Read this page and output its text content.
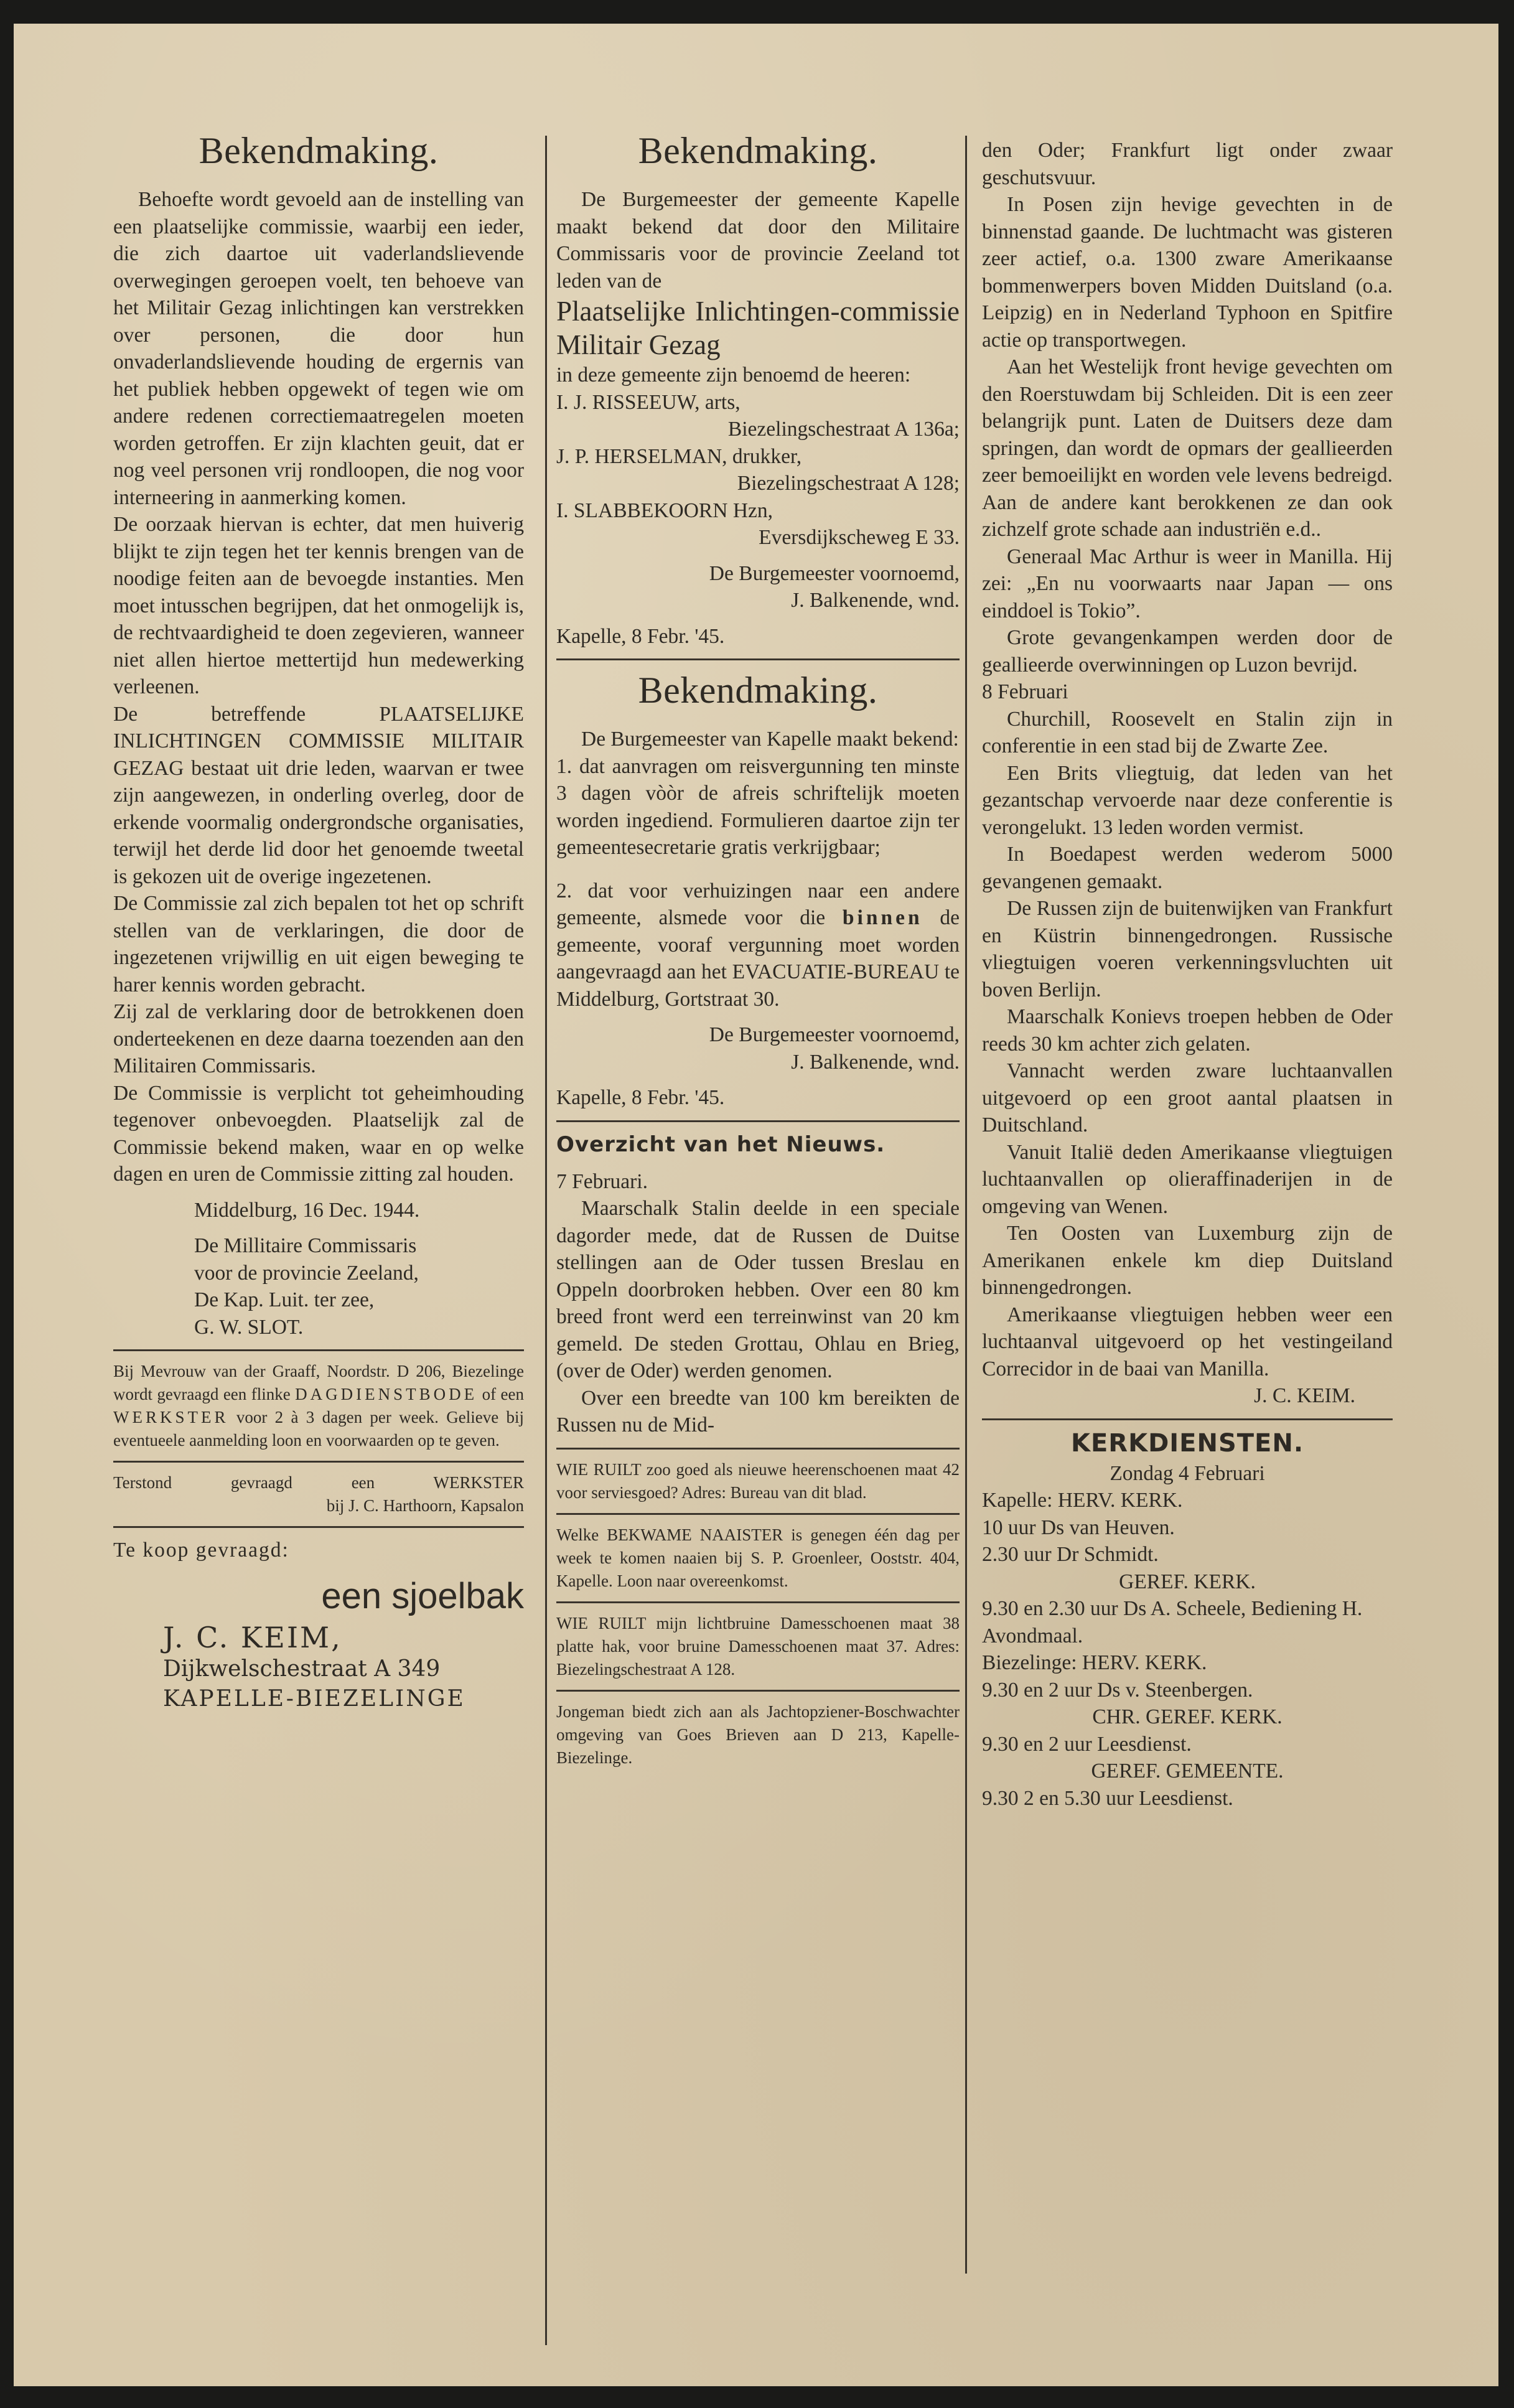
Bekendmaking.

Behoefte wordt gevoeld aan de instelling van een plaatselijke commissie, waarbij een ieder, die zich daartoe uit vaderlandslievende overwegingen geroepen voelt, ten behoeve van het Militair Gezag inlichtingen kan verstrekken over personen, die door hun onvaderlandslievende houding de ergernis van het publiek hebben opgewekt of tegen wie om andere redenen correctiemaatregelen moeten worden getroffen. Er zijn klachten geuit, dat er nog veel personen vrij rondloopen, die nog voor interneering in aanmerking komen.

De oorzaak hiervan is echter, dat men huiverig blijkt te zijn tegen het ter kennis brengen van de noodige feiten aan de bevoegde instanties. Men moet intusschen begrijpen, dat het onmogelijk is, de rechtvaardigheid te doen zegevieren, wanneer niet allen hiertoe mettertijd hun medewerking verleenen.

De betreffende PLAATSELIJKE INLICHTINGEN COMMISSIE MILITAIR GEZAG bestaat uit drie leden, waarvan er twee zijn aangewezen, in onderling overleg, door de erkende voormalig ondergrondsche organisaties, terwijl het derde lid door het genoemde tweetal is gekozen uit de overige ingezetenen.

De Commissie zal zich bepalen tot het op schrift stellen van de verklaringen, die door de ingezetenen vrijwillig en uit eigen beweging te harer kennis worden gebracht.

Zij zal de verklaring door de betrokkenen doen onderteekenen en deze daarna toezenden aan den Militairen Commissaris.

De Commissie is verplicht tot geheimhouding tegenover onbevoegden. Plaatselijk zal de Commissie bekend maken, waar en op welke dagen en uren de Commissie zitting zal houden.

Middelburg, 16 Dec. 1944.

De Millitaire Commissaris

voor de provincie Zeeland,

De Kap. Luit. ter zee,

G. W. SLOT.

Bij Mevrouw van der Graaff, Noordstr. D 206, Biezelinge wordt gevraagd een flinke DAGDIENSTBODE of een WERKSTER voor 2 à 3 dagen per week. Gelieve bij eventueele aanmelding loon en voorwaarden op te geven.

Terstond gevraagd een WERKSTER

bij J. C. Harthoorn, Kapsalon

Te koop gevraagd:

een sjoelbak
J. C. KEIM,
Dijkwelschestraat A 349
KAPELLE-BIEZELINGE
Bekendmaking.

De Burgemeester der gemeente Kapelle maakt bekend dat door den Militaire Commissaris voor de provincie Zeeland tot leden van de

Plaatselijke Inlichtingen-commissie Militair Gezag

in deze gemeente zijn benoemd de heeren:

I. J. RISSEEUW, arts,

Biezelingschestraat A 136a;

J. P. HERSELMAN, drukker,

Biezelingschestraat A 128;

I. SLABBEKOORN Hzn,

Eversdijkscheweg E 33.

De Burgemeester voornoemd,

J. Balkenende, wnd.

Kapelle, 8 Febr. '45.

Bekendmaking.

De Burgemeester van Kapelle maakt bekend:

1. dat aanvragen om reisvergunning ten minste 3 dagen vòòr de afreis schriftelijk moeten worden ingediend. Formulieren daartoe zijn ter gemeentesecretarie gratis verkrijgbaar;

2. dat voor verhuizingen naar een andere gemeente, alsmede voor die binnen de gemeente, vooraf vergunning moet worden aangevraagd aan het EVACUATIE-BUREAU te Middelburg, Gortstraat 30.

De Burgemeester voornoemd,

J. Balkenende, wnd.

Kapelle, 8 Febr. '45.

Overzicht van het Nieuws.

7 Februari.

Maarschalk Stalin deelde in een speciale dagorder mede, dat de Russen de Duitse stellingen aan de Oder tussen Breslau en Oppeln doorbroken hebben. Over een 80 km breed front werd een terreinwinst van 20 km gemeld. De steden Grottau, Ohlau en Brieg, (over de Oder) werden genomen.

Over een breedte van 100 km bereikten de Russen nu de Mid-

WIE RUILT zoo goed als nieuwe heerenschoenen maat 42 voor serviesgoed? Adres: Bureau van dit blad.

Welke BEKWAME NAAISTER is genegen één dag per week te komen naaien bij S. P. Groenleer, Ooststr. 404, Kapelle. Loon naar overeenkomst.

WIE RUILT mijn lichtbruine Damesschoenen maat 38 platte hak, voor bruine Damesschoenen maat 37. Adres: Biezelingschestraat A 128.

Jongeman biedt zich aan als Jachtopziener-Boschwachter omgeving van Goes Brieven aan D 213, Kapelle-Biezelinge.

den Oder; Frankfurt ligt onder zwaar geschutsvuur.

In Posen zijn hevige gevechten in de binnenstad gaande. De luchtmacht was gisteren zeer actief, o.a. 1300 zware Amerikaanse bommenwerpers boven Midden Duitsland (o.a. Leipzig) en in Nederland Typhoon en Spitfire actie op transportwegen.

Aan het Westelijk front hevige gevechten om den Roerstuwdam bij Schleiden. Dit is een zeer belangrijk punt. Laten de Duitsers deze dam springen, dan wordt de opmars der geallieerden zeer bemoeilijkt en worden vele levens bedreigd. Aan de andere kant berokkenen ze dan ook zichzelf grote schade aan industriën e.d..

Generaal Mac Arthur is weer in Manilla. Hij zei: „En nu voorwaarts naar Japan — ons einddoel is Tokio”.

Grote gevangenkampen werden door de geallieerde overwinningen op Luzon bevrijd.

8 Februari

Churchill, Roosevelt en Stalin zijn in conferentie in een stad bij de Zwarte Zee.

Een Brits vliegtuig, dat leden van het gezantschap vervoerde naar deze conferentie is verongelukt. 13 leden worden vermist.

In Boedapest werden wederom 5000 gevangenen gemaakt.

De Russen zijn de buitenwijken van Frankfurt en Küstrin binnengedrongen. Russische vliegtuigen voeren verkenningsvluchten uit boven Berlijn.

Maarschalk Konievs troepen hebben de Oder reeds 30 km achter zich gelaten.

Vannacht werden zware luchtaanvallen uitgevoerd op een groot aantal plaatsen in Duitschland.

Vanuit Italië deden Amerikaanse vliegtuigen luchtaanvallen op olieraffinaderijen in de omgeving van Wenen.

Ten Oosten van Luxemburg zijn de Amerikanen enkele km diep Duitsland binnengedrongen.

Amerikaanse vliegtuigen hebben weer een luchtaanval uitgevoerd op het vestingeiland Correcidor in de baai van Manilla.

J. C. KEIM.

KERKDIENSTEN.

Zondag 4 Februari

Kapelle: HERV. KERK.

10 uur Ds van Heuven.

2.30 uur Dr Schmidt.

GEREF. KERK.

9.30 en 2.30 uur Ds A. Scheele, Bediening H. Avondmaal.

Biezelinge: HERV. KERK.

9.30 en 2 uur Ds v. Steenbergen.

CHR. GEREF. KERK.

9.30 en 2 uur Leesdienst.

GEREF. GEMEENTE.

9.30 2 en 5.30 uur Leesdienst.
